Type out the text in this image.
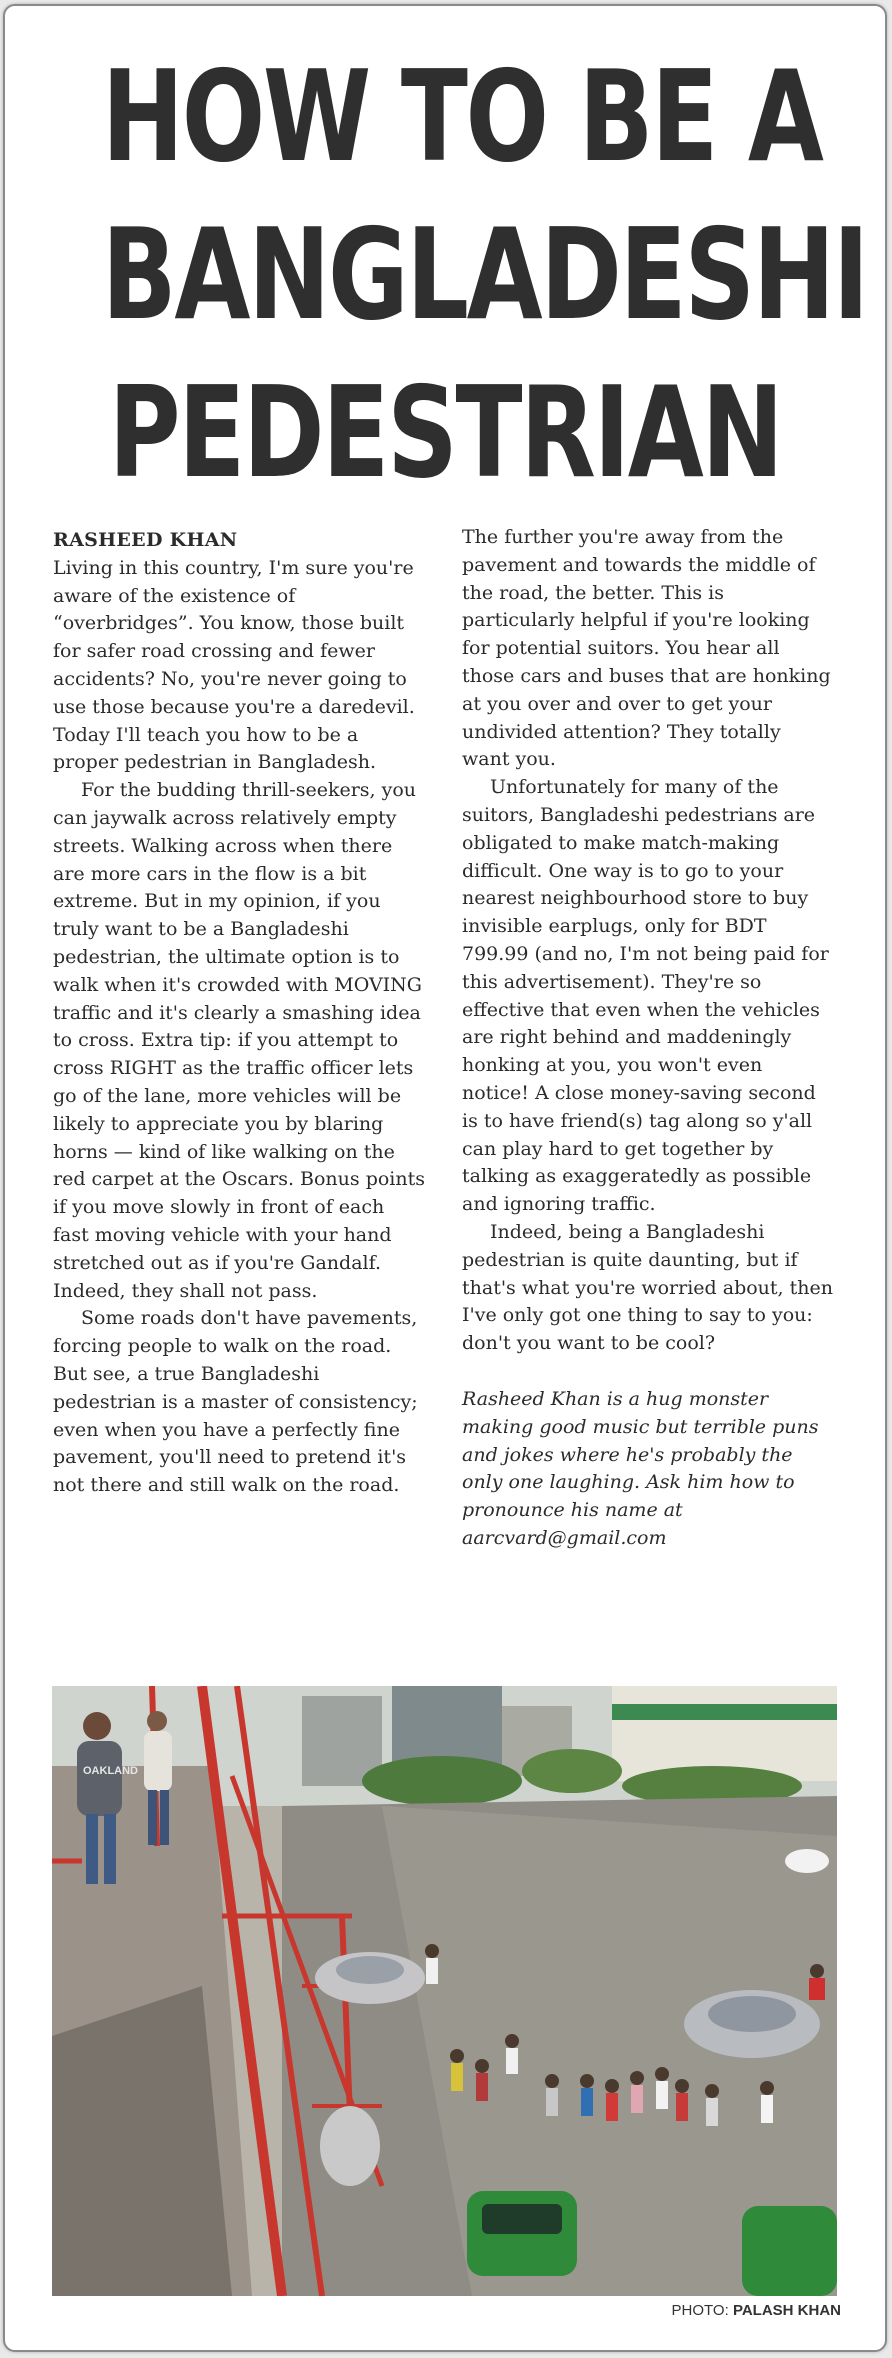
HOW TO BE A
BANGLADESHI
PEDESTRIAN

RASHEED KHAN

Living in this country, I'm sure you're aware of the existence of “overbridges”. You know, those built for safer road crossing and fewer accidents? No, you're never going to use those because you're a daredevil. Today I'll teach you how to be a proper pedestrian in Bangladesh.

For the budding thrill-seekers, you can jaywalk across relatively empty streets. Walking across when there are more cars in the flow is a bit extreme. But in my opinion, if you truly want to be a Bangladeshi pedestrian, the ultimate option is to walk when it's crowded with MOVING traffic and it's clearly a smashing idea to cross. Extra tip: if you attempt to cross RIGHT as the traffic officer lets go of the lane, more vehicles will be likely to appreciate you by blaring horns — kind of like walking on the red carpet at the Oscars. Bonus points if you move slowly in front of each fast moving vehicle with your hand stretched out as if you're Gandalf. Indeed, they shall not pass.

Some roads don't have pavements, forcing people to walk on the road. But see, a true Bangladeshi pedestrian is a master of consistency; even when you have a perfectly fine pavement, you'll need to pretend it's not there and still walk on the road.

The further you're away from the pavement and towards the middle of the road, the better. This is particularly helpful if you're looking for potential suitors. You hear all those cars and buses that are honking at you over and over to get your undivided attention? They totally want you.

Unfortunately for many of the suitors, Bangladeshi pedestrians are obligated to make match-making difficult. One way is to go to your nearest neighbourhood store to buy invisible earplugs, only for BDT 799.99 (and no, I'm not being paid for this advertisement). They're so effective that even when the vehicles are right behind and maddeningly honking at you, you won't even notice! A close money-saving second is to have friend(s) tag along so y'all can play hard to get together by talking as exaggeratedly as possible and ignoring traffic.

Indeed, being a Bangladeshi pedestrian is quite daunting, but if that's what you're worried about, then I've only got one thing to say to you: don't you want to be cool?

Rasheed Khan is a hug monster making good music but terrible puns and jokes where he's probably the only one laughing. Ask him how to pronounce his name at aarcvard@gmail.com

OAKLAND
PHOTO: PALASH KHAN
